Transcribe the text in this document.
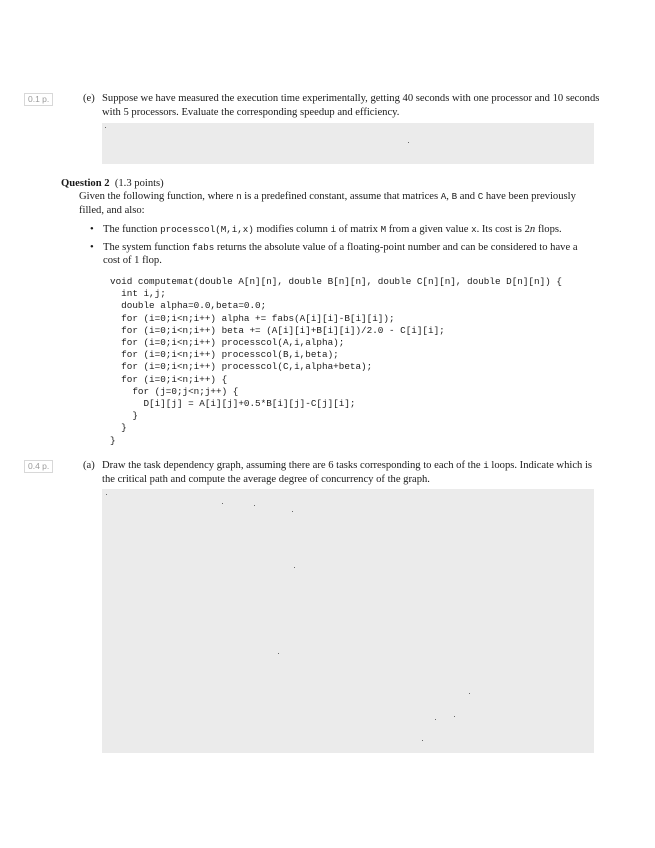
0.1 p.	(e) Suppose we have measured the execution time experimentally, getting 40 seconds with one processor and 10 seconds with 5 processors. Evaluate the corresponding speedup and efficiency.
Question 2 (1.3 points)
Given the following function, where n is a predefined constant, assume that matrices A, B and C have been previously filled, and also:
• The function processcol(M,i,x) modifies column i of matrix M from a given value x. Its cost is 2n flops.
• The system function fabs returns the absolute value of a floating-point number and can be considered to have a cost of 1 flop.
void computemat(double A[n][n], double B[n][n], double C[n][n], double D[n][n]) {
int i,j;
double alpha=0.0,beta=0.0;
for (i=0;i<n;i++) alpha += fabs(A[i][i]-B[i][i]);
for (i=0;i<n;i++) beta += (A[i][i]+B[i][i])/2.0 - C[i][i];
for (i=0;i<n;i++) processcol(A,i,alpha);
for (i=0;i<n;i++) processcol(B,i,beta);
for (i=0;i<n;i++) processcol(C,i,alpha+beta);
for (i=0;i<n;i++) {
for (j=0;j<n;j++) {
D[i][j] = A[i][j]+0.5*B[i][j]-C[j][i];
}
}
}
0.4 p.	(a) Draw the task dependency graph, assuming there are 6 tasks corresponding to each of the i loops. Indicate which is the critical path and compute the average degree of concurrency of the graph.
